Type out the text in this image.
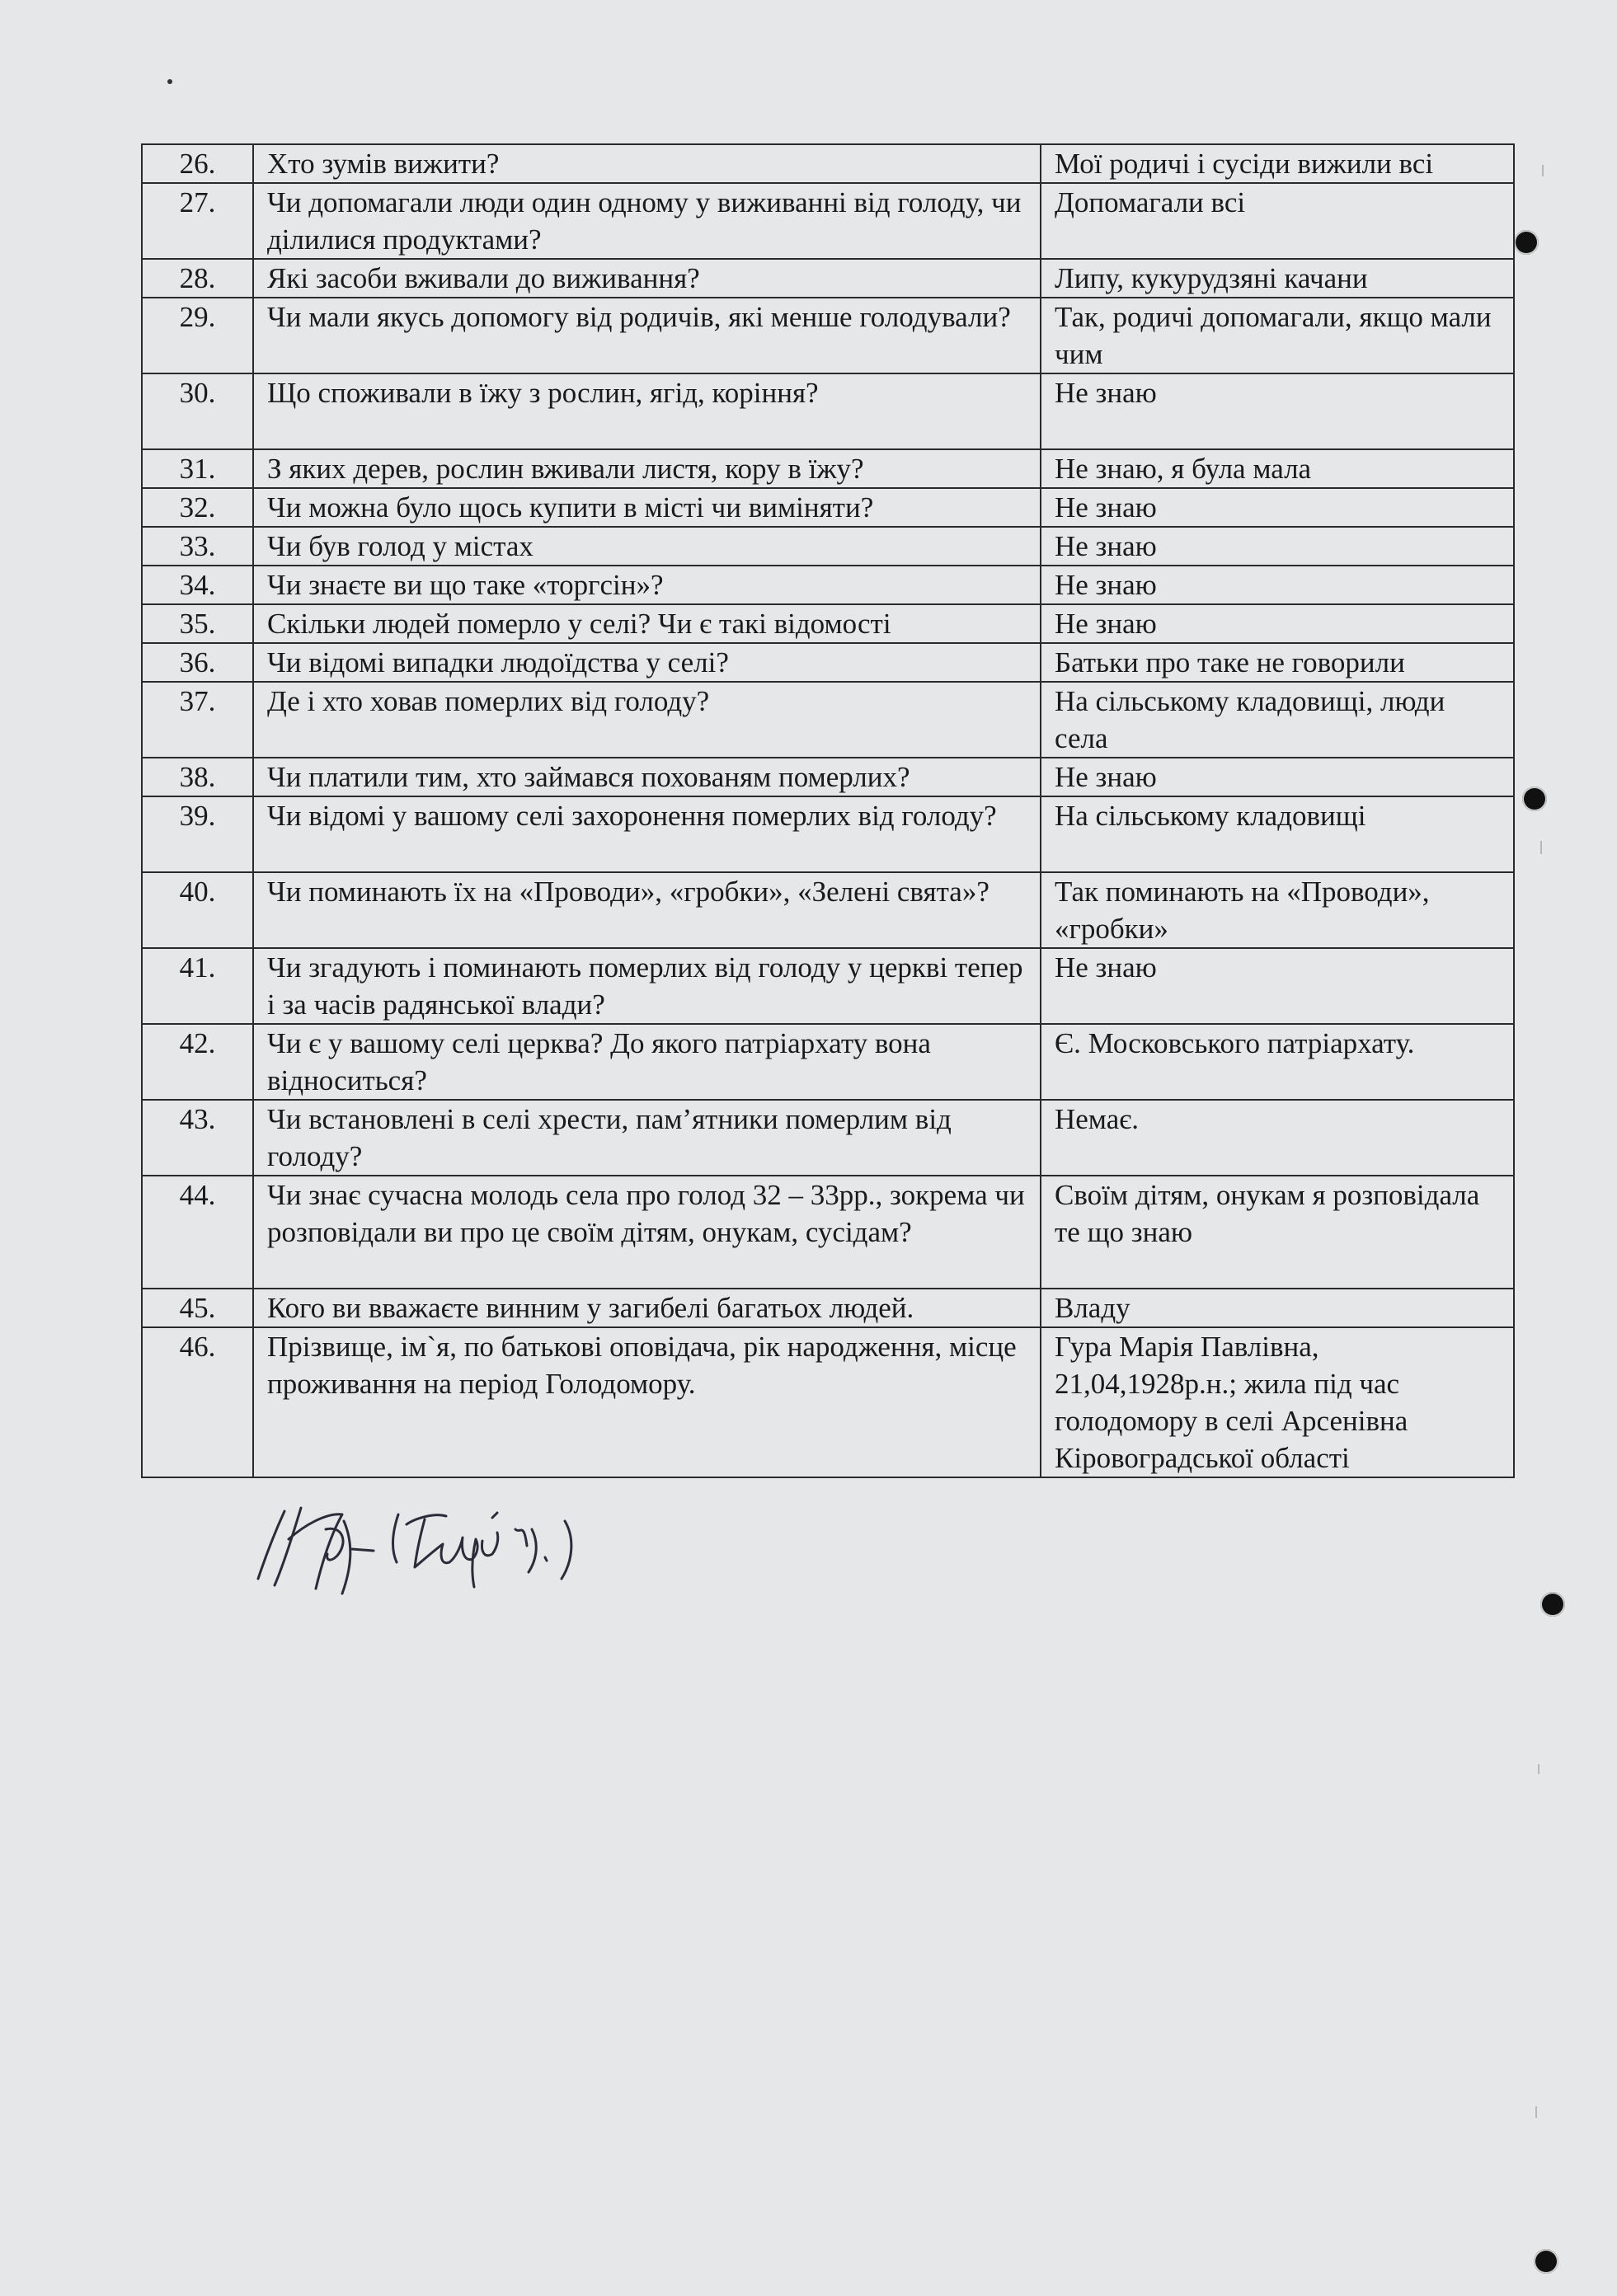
26.	Хто зумів вижити?	Мої родичі і сусіди вижили всі
27.	Чи допомагали люди один одному у виживанні від голоду, чи ділилися продуктами?	Допомагали всі
28.	Які засоби вживали до виживання?	Липу, кукурудзяні качани
29.	Чи мали якусь допомогу від родичів, які менше голодували?	Так, родичі допомагали, якщо мали чим
30.	Що споживали в їжу з рослин, ягід, коріння?	Не знаю
31.	З яких дерев, рослин вживали листя, кору в їжу?	Не знаю, я була мала
32.	Чи можна було щось купити в місті чи виміняти?	Не знаю
33.	Чи був голод у містах	Не знаю
34.	Чи знаєте ви що таке «торгсін»?	Не знаю
35.	Скільки людей померло у селі? Чи є такі відомості	Не знаю
36.	Чи відомі випадки людоїдства у селі?	Батьки про таке не говорили
37.	Де і хто ховав померлих від голоду?	На сільському кладовищі, люди села
38.	Чи платили тим, хто займався похованям померлих?	Не знаю
39.	Чи відомі у вашому селі захоронення померлих від голоду?	На сільському кладовищі
40.	Чи поминають їх на «Проводи», «гробки», «Зелені свята»?	Так поминають на «Проводи», «гробки»
41.	Чи згадують і поминають померлих від голоду у церкві тепер і за часів радянської влади?	Не знаю
42.	Чи є у вашому селі церква? До якого патріархату вона відноситься?	Є. Московського патріархату.
43.	Чи встановлені в селі хрести, пам’ятники померлим від голоду?	Немає.
44.	Чи знає сучасна молодь села про голод 32 – 33рр., зокрема чи розповідали ви про це своїм дітям, онукам, сусідам?	Своїм дітям, онукам я розповідала те що знаю
45.	Кого ви вважаєте винним у загибелі багатьох людей.	Владу
46.	Прізвище, ім`я, по батькові оповідача, рік народження, місце проживання на період Голодомору.	Гура Марія Павлівна, 21,04,1928р.н.; жила під час голодомору в селі Арсенівна Кіровоградської області
